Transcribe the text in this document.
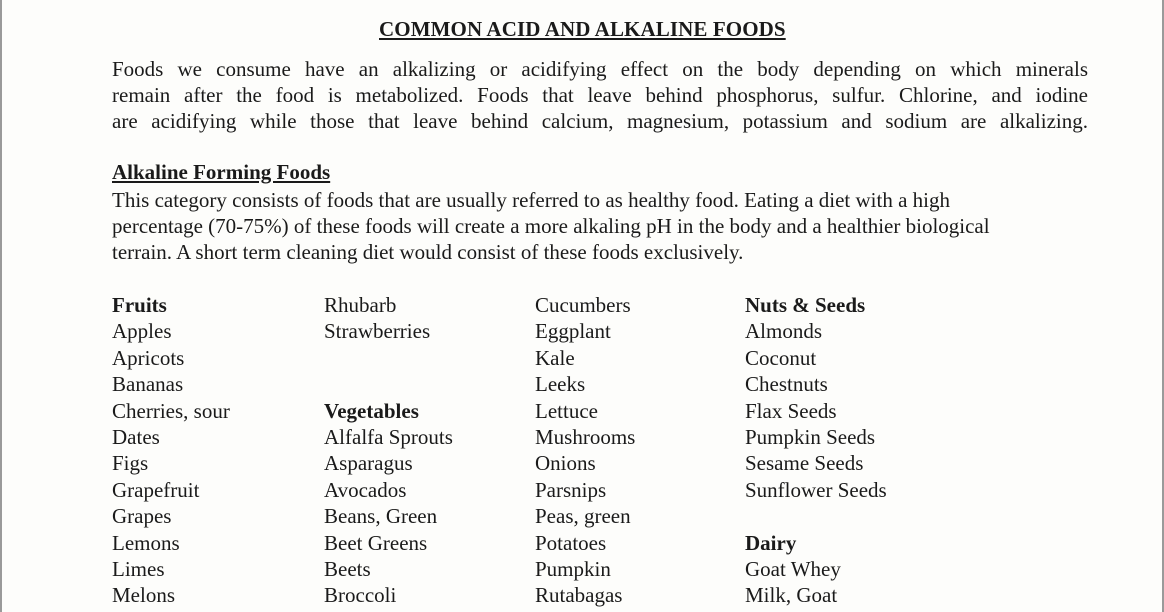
COMMON ACID AND ALKALINE FOODS
Foods we consume have an alkalizing or acidifying effect on the body depending on which minerals
remain after the food is metabolized. Foods that leave behind phosphorus, sulfur. Chlorine, and iodine
are acidifying while those that leave behind calcium, magnesium, potassium and sodium are alkalizing.
Alkaline Forming Foods
This category consists of foods that are usually referred to as healthy food. Eating a diet with a high
percentage (70-75%) of these foods will create a more alkaling pH in the body and a healthier biological
terrain. A short term cleaning diet would consist of these foods exclusively.
Fruits
Apples
Apricots
Bananas
Cherries, sour
Dates
Figs
Grapefruit
Grapes
Lemons
Limes
Melons
Rhubarb
Strawberries
Vegetables
Alfalfa Sprouts
Asparagus
Avocados
Beans, Green
Beet Greens
Beets
Broccoli
Cucumbers
Eggplant
Kale
Leeks
Lettuce
Mushrooms
Onions
Parsnips
Peas, green
Potatoes
Pumpkin
Rutabagas
Nuts & Seeds
Almonds
Coconut
Chestnuts
Flax Seeds
Pumpkin Seeds
Sesame Seeds
Sunflower Seeds
Dairy
Goat Whey
Milk, Goat
